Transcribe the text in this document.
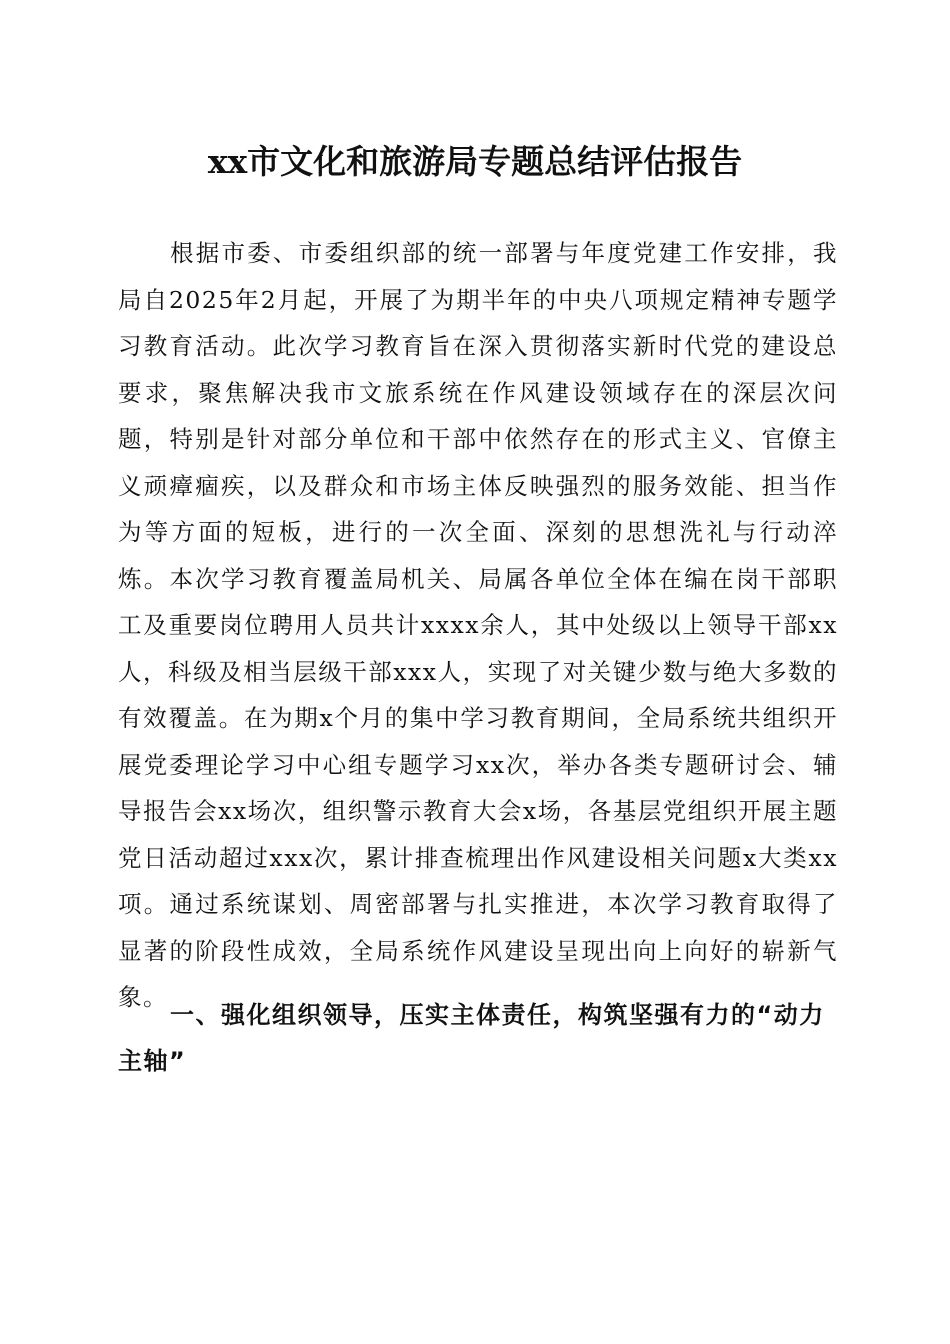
xx市文化和旅游局专题总结评估报告

根据市委、市委组织部的统一部署与年度党建工作安排，我局自2025年2月起，开展了为期半年的中央八项规定精神专题学习教育活动。此次学习教育旨在深入贯彻落实新时代党的建设总要求，聚焦解决我市文旅系统在作风建设领域存在的深层次问题，特别是针对部分单位和干部中依然存在的形式主义、官僚主义顽瘴痼疾，以及群众和市场主体反映强烈的服务效能、担当作为等方面的短板，进行的一次全面、深刻的思想洗礼与行动淬炼。本次学习教育覆盖局机关、局属各单位全体在编在岗干部职工及重要岗位聘用人员共计xxxx余人，其中处级以上领导干部xx人，科级及相当层级干部xxx人，实现了对关键少数与绝大多数的有效覆盖。在为期x个月的集中学习教育期间，全局系统共组织开展党委理论学习中心组专题学习xx次，举办各类专题研讨会、辅导报告会xx场次，组织警示教育大会x场，各基层党组织开展主题党日活动超过xxx次，累计排查梳理出作风建设相关问题x大类xx项。通过系统谋划、周密部署与扎实推进，本次学习教育取得了显著的阶段性成效，全局系统作风建设呈现出向上向好的崭新气象。

一、强化组织领导，压实主体责任，构筑坚强有力的“动力主轴”
